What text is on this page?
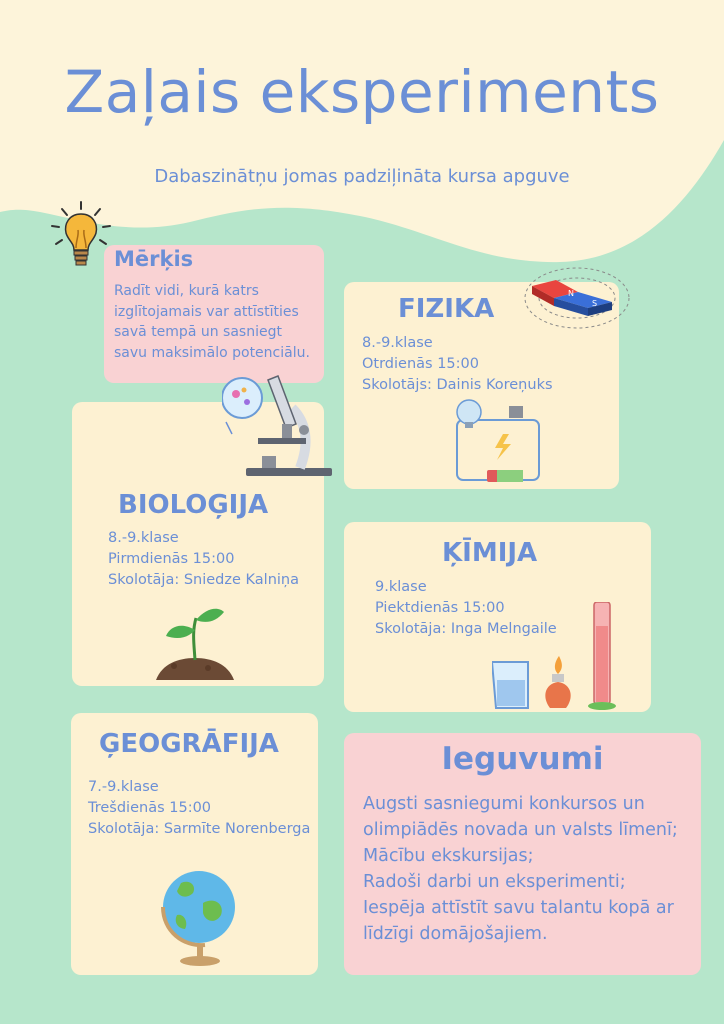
Zaļais eksperiments

Dabaszinātņu jomas padziļināta kursa apguve

Mērķis
Radīt vidi, kurā katrs izglītojamais var attīstīties savā tempā un sasniegt savu maksimālo potenciālu.
FIZIKA
8.-9.klase
Otrdienās 15:00
Skolotājs: Dainis Koreņuks
N
S
BIOLOĢIJA
8.-9.klase
Pirmdienās 15:00
Skolotāja: Sniedze Kalniņa
ĶĪMIJA
9.klase
Piektdienās 15:00
Skolotāja: Inga Melngaile
ĢEOGRĀFIJA
7.-9.klase
Trešdienās 15:00
Skolotāja: Sarmīte Norenberga
Ieguvumi
Augsti sasniegumi konkursos un
olimpiādēs novada un valsts līmenī;
Mācību ekskursijas;
Radoši darbi un eksperimenti;
Iespēja attīstīt savu talantu kopā ar
līdzīgi domājošajiem.
